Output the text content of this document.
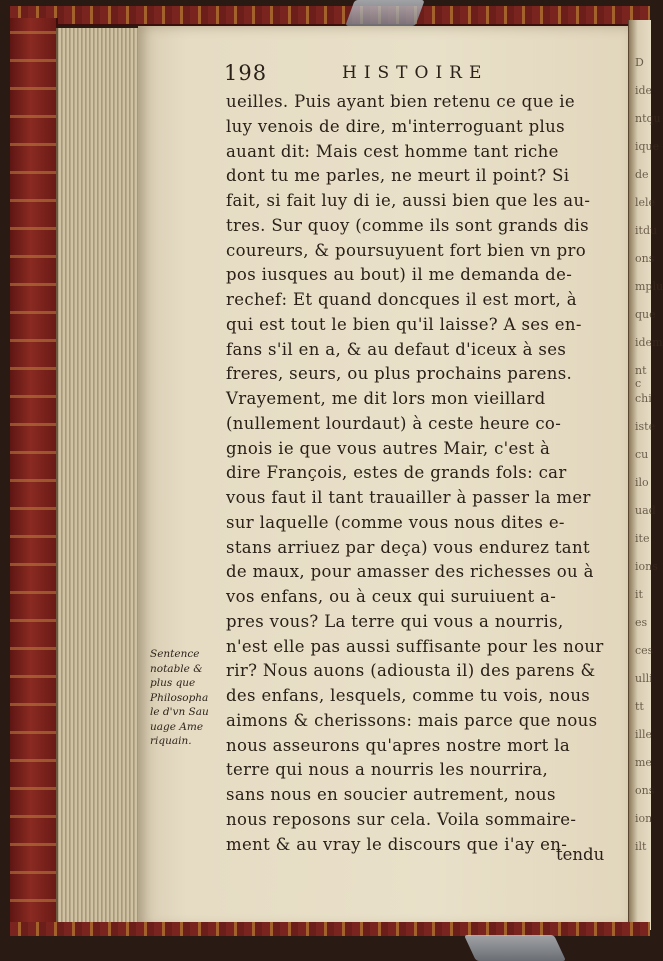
D
ide
ntqu
ique
de
lele
itdu
ons
mplu
que
idem
nt c
chi
iste
cu
ilo
uad
ite
ions
it
es
ces
ulli
tt
ille
me
ons
ion
ilt
198	HISTOIRE
ueilles. Puis ayant bien retenu ce que ie
luy venois de dire, m'interroguant plus
auant dit: Mais cest homme tant riche
dont tu me parles, ne meurt il point? Si
fait, si fait luy di ie, aussi bien que les au-
tres. Sur quoy (comme ils sont grands dis
coureurs, & poursuyuent fort bien vn pro
pos iusques au bout) il me demanda de-
rechef: Et quand doncques il est mort, à
qui est tout le bien qu'il laisse? A ses en-
fans s'il en a, & au defaut d'iceux à ses
freres, seurs, ou plus prochains parens.
Vrayement, me dit lors mon vieillard
(nullement lourdaut) à ceste heure co-
gnois ie que vous autres Mair, c'est à
dire François, estes de grands fols: car
vous faut il tant trauailler à passer la mer
sur laquelle (comme vous nous dites e-
stans arriuez par deça) vous endurez tant
de maux, pour amasser des richesses ou à
vos enfans, ou à ceux qui suruiuent a-
pres vous? La terre qui vous a nourris,
n'est elle pas aussi suffisante pour les nour
rir? Nous auons (adiousta il) des parens &
des enfans, lesquels, comme tu vois, nous
aimons & cherissons: mais parce que nous
nous asseurons qu'apres nostre mort la
terre qui nous a nourris les nourrira,
sans nous en soucier autrement, nous
nous reposons sur cela. Voila sommaire-
ment & au vray le discours que i'ay en-
Sentence
notable &
plus que
Philosopha
le d'vn Sau
uage Ame
riquain.
tendu
